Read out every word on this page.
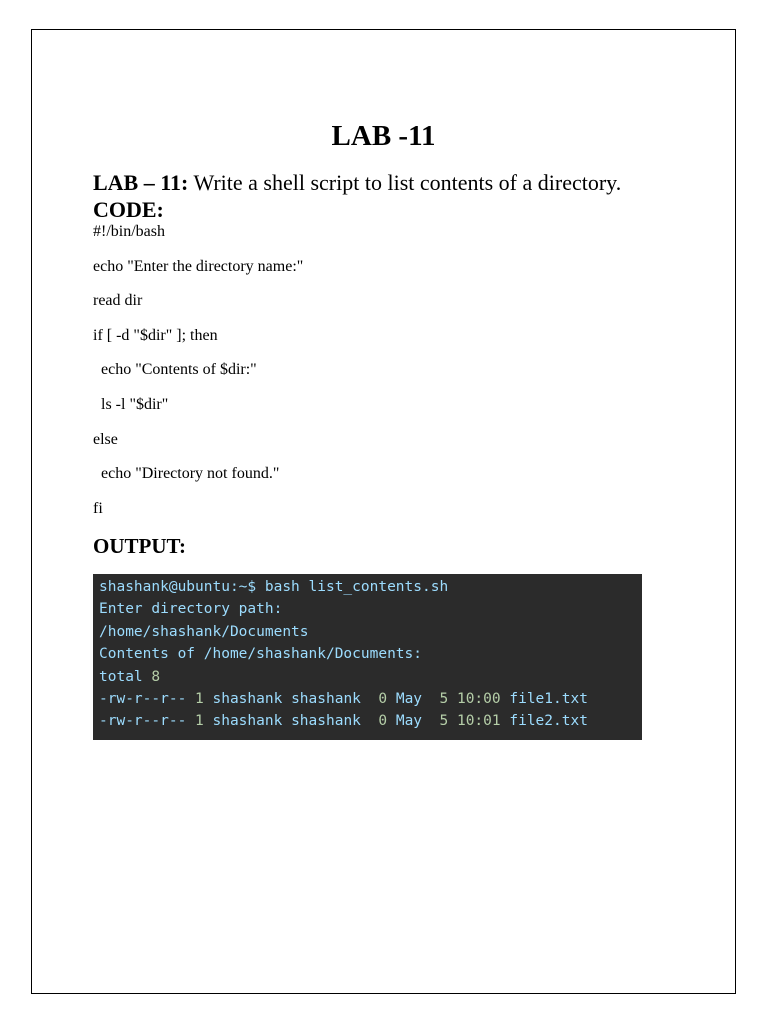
LAB -11
LAB – 11: Write a shell script to list contents of a directory.
CODE:
#!/bin/bash
echo "Enter the directory name:"
read dir
if [ -d "$dir" ]; then
echo "Contents of $dir:"
ls -l "$dir"
else
echo "Directory not found."
fi
OUTPUT:
shashank@ubuntu:~$ bash list_contents.sh
Enter directory path:
/home/shashank/Documents
Contents of /home/shashank/Documents:
total 8
-rw-r--r-- 1 shashank shashank  0 May  5 10:00 file1.txt
-rw-r--r-- 1 shashank shashank  0 May  5 10:01 file2.txt
